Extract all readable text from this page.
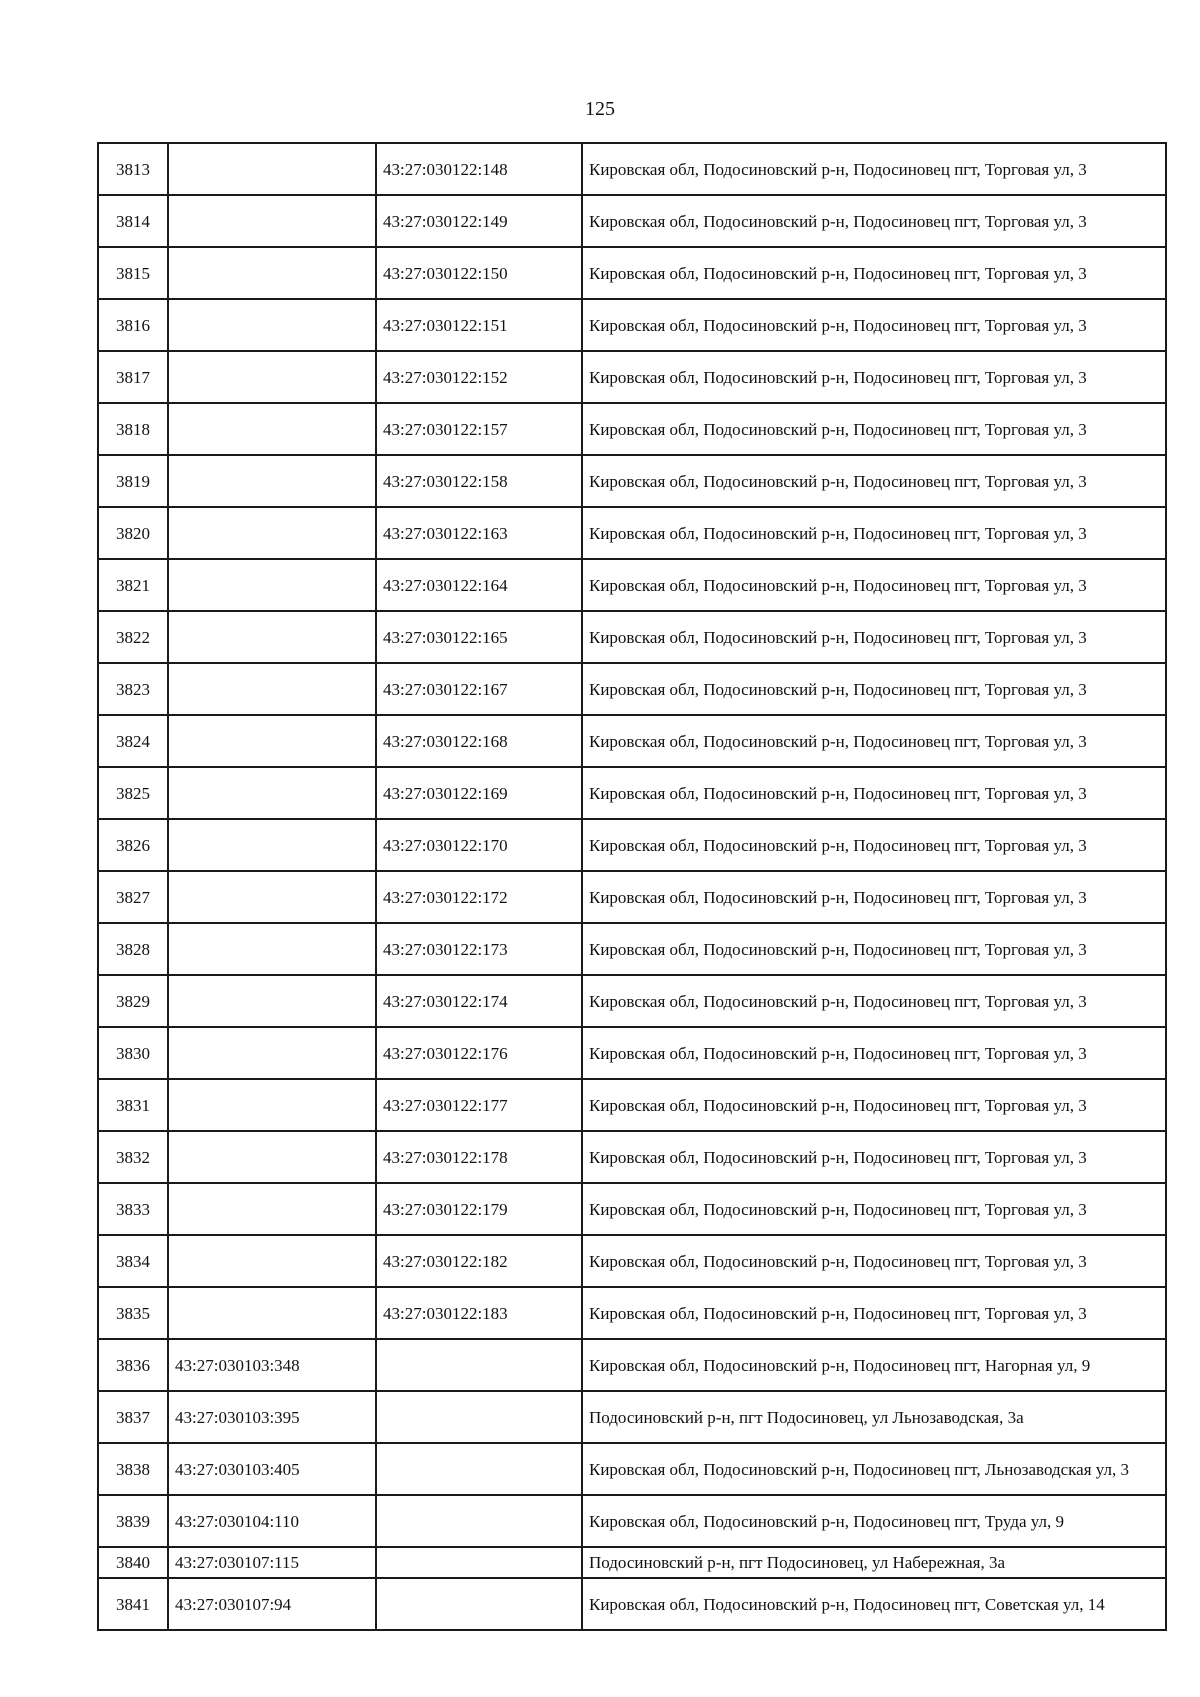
125
3813		43:27:030122:148	Кировская обл, Подосиновский р-н, Подосиновец пгт, Торговая ул, 3
3814		43:27:030122:149	Кировская обл, Подосиновский р-н, Подосиновец пгт, Торговая ул, 3
3815		43:27:030122:150	Кировская обл, Подосиновский р-н, Подосиновец пгт, Торговая ул, 3
3816		43:27:030122:151	Кировская обл, Подосиновский р-н, Подосиновец пгт, Торговая ул, 3
3817		43:27:030122:152	Кировская обл, Подосиновский р-н, Подосиновец пгт, Торговая ул, 3
3818		43:27:030122:157	Кировская обл, Подосиновский р-н, Подосиновец пгт, Торговая ул, 3
3819		43:27:030122:158	Кировская обл, Подосиновский р-н, Подосиновец пгт, Торговая ул, 3
3820		43:27:030122:163	Кировская обл, Подосиновский р-н, Подосиновец пгт, Торговая ул, 3
3821		43:27:030122:164	Кировская обл, Подосиновский р-н, Подосиновец пгт, Торговая ул, 3
3822		43:27:030122:165	Кировская обл, Подосиновский р-н, Подосиновец пгт, Торговая ул, 3
3823		43:27:030122:167	Кировская обл, Подосиновский р-н, Подосиновец пгт, Торговая ул, 3
3824		43:27:030122:168	Кировская обл, Подосиновский р-н, Подосиновец пгт, Торговая ул, 3
3825		43:27:030122:169	Кировская обл, Подосиновский р-н, Подосиновец пгт, Торговая ул, 3
3826		43:27:030122:170	Кировская обл, Подосиновский р-н, Подосиновец пгт, Торговая ул, 3
3827		43:27:030122:172	Кировская обл, Подосиновский р-н, Подосиновец пгт, Торговая ул, 3
3828		43:27:030122:173	Кировская обл, Подосиновский р-н, Подосиновец пгт, Торговая ул, 3
3829		43:27:030122:174	Кировская обл, Подосиновский р-н, Подосиновец пгт, Торговая ул, 3
3830		43:27:030122:176	Кировская обл, Подосиновский р-н, Подосиновец пгт, Торговая ул, 3
3831		43:27:030122:177	Кировская обл, Подосиновский р-н, Подосиновец пгт, Торговая ул, 3
3832		43:27:030122:178	Кировская обл, Подосиновский р-н, Подосиновец пгт, Торговая ул, 3
3833		43:27:030122:179	Кировская обл, Подосиновский р-н, Подосиновец пгт, Торговая ул, 3
3834		43:27:030122:182	Кировская обл, Подосиновский р-н, Подосиновец пгт, Торговая ул, 3
3835		43:27:030122:183	Кировская обл, Подосиновский р-н, Подосиновец пгт, Торговая ул, 3
3836	43:27:030103:348		Кировская обл, Подосиновский р-н, Подосиновец пгт, Нагорная ул, 9
3837	43:27:030103:395		Подосиновский р-н, пгт Подосиновец, ул Льнозаводская, 3а
3838	43:27:030103:405		Кировская обл, Подосиновский р-н, Подосиновец пгт, Льнозаводская ул, 3
3839	43:27:030104:110		Кировская обл, Подосиновский р-н, Подосиновец пгт, Труда ул, 9
3840	43:27:030107:115		Подосиновский р-н, пгт Подосиновец, ул Набережная, 3а
3841	43:27:030107:94		Кировская обл, Подосиновский р-н, Подосиновец пгт, Советская ул, 14
